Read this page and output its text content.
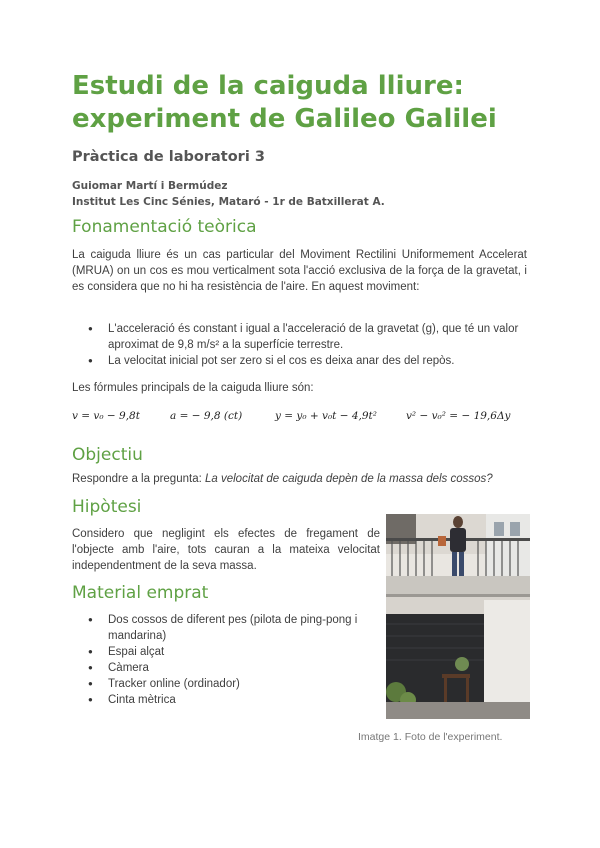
Estudi de la caiguda lliure: experiment de Galileo Galilei
Pràctica de laboratori 3
Guiomar Martí i Bermúdez
Institut Les Cinc Sénies, Mataró - 1r de Batxillerat A.
Fonamentació teòrica

La caiguda lliure és un cas particular del Moviment Rectilini Uniformement Accelerat (MRUA) on un cos es mou verticalment sota l'acció exclusiva de la força de la gravetat, i es considera que no hi ha resistència de l'aire. En aquest moviment:

● L'acceleració és constant i igual a l'acceleració de la gravetat (g), que té un valor aproximat de 9,8 m/s² a la superfície terrestre.
● La velocitat inicial pot ser zero si el cos es deixa anar des del repòs.

Les fórmules principals de la caiguda lliure són:

v = v₀ − 9,8t	a = − 9,8 (ct)	y = y₀ + v₀t − 4,9t²	v² − v₀² = − 19,6Δy
Objectiu

Respondre a la pregunta: La velocitat de caiguda depèn de la massa dels cossos?

Hipòtesi

Considero que negligint els efectes de fregament de l'objecte amb l'aire, tots cauran a la mateixa velocitat independentment de la seva massa.

Material emprat
● Dos cossos de diferent pes (pilota de ping-pong i mandarina)
● Espai alçat
● Càmera
● Tracker online (ordinador)
● Cinta mètrica

Imatge 1. Foto de l'experiment.
